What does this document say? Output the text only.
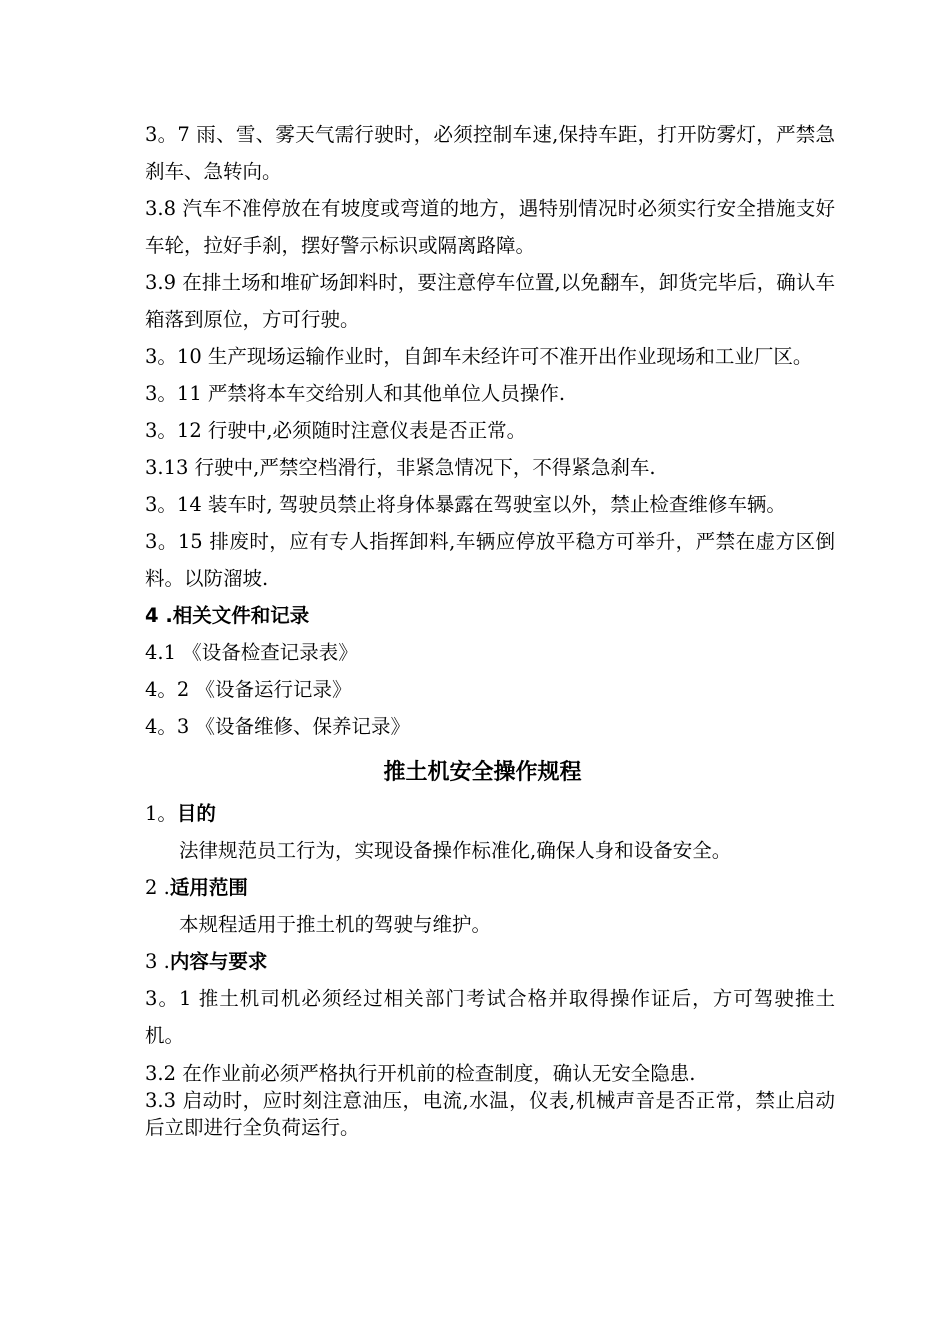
3。7 雨、雪、雾天气需行驶时，必须控制车速,保持车距，打开防雾灯，严禁急刹车、急转向。

3.8 汽车不准停放在有坡度或弯道的地方，遇特别情况时必须实行安全措施支好车轮，拉好手刹，摆好警示标识或隔离路障。

3.9 在排土场和堆矿场卸料时，要注意停车位置,以免翻车，卸货完毕后，确认车箱落到原位，方可行驶。

3。10 生产现场运输作业时，自卸车未经许可不准开出作业现场和工业厂区。

3。11 严禁将本车交给别人和其他单位人员操作.

3。12 行驶中,必须随时注意仪表是否正常。

3.13 行驶中,严禁空档滑行，非紧急情况下，不得紧急刹车.

3。14 装车时, 驾驶员禁止将身体暴露在驾驶室以外，禁止检查维修车辆。

3。15 排废时，应有专人指挥卸料,车辆应停放平稳方可举升，严禁在虚方区倒料。以防溜坡.

4 .相关文件和记录

4.1 《设备检查记录表》

4。2 《设备运行记录》

4。3 《设备维修、保养记录》

推土机安全操作规程

1。目的

法律规范员工行为，实现设备操作标准化,确保人身和设备安全。

2 .适用范围

本规程适用于推土机的驾驶与维护。

3 .内容与要求

3。1 推土机司机必须经过相关部门考试合格并取得操作证后，方可驾驶推土机。

3.2 在作业前必须严格执行开机前的检查制度，确认无安全隐患.

3.3 启动时，应时刻注意油压，电流,水温，仪表,机械声音是否正常，禁止启动后立即进行全负荷运行。
